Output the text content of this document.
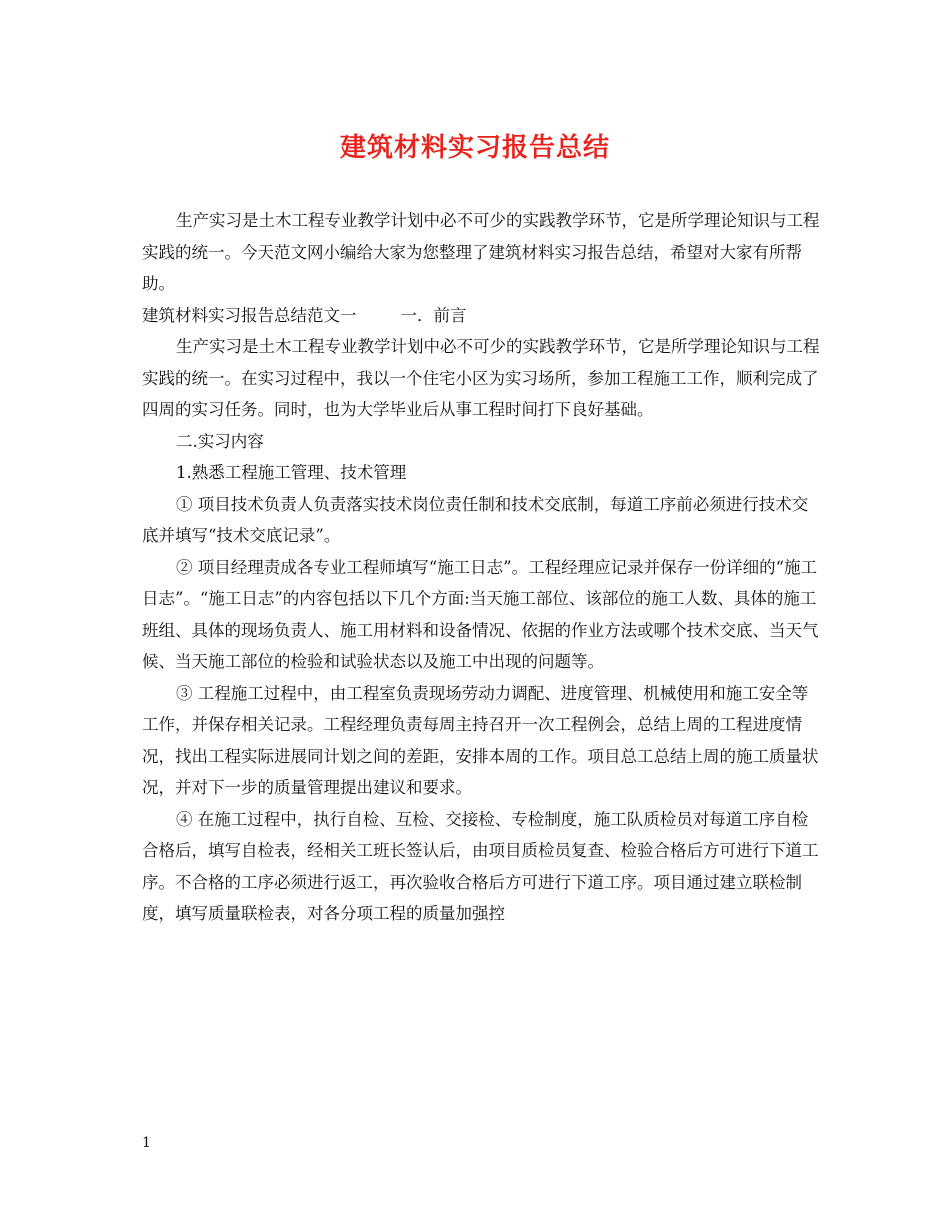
建筑材料实习报告总结

生产实习是土木工程专业教学计划中必不可少的实践教学环节，它是所学理论知识与工程实践的统一。今天范文网小编给大家为您整理了建筑材料实习报告总结，希望对大家有所帮助。

建筑材料实习报告总结范文一	一．前言

生产实习是土木工程专业教学计划中必不可少的实践教学环节，它是所学理论知识与工程实践的统一。在实习过程中，我以一个住宅小区为实习场所，参加工程施工工作，顺利完成了四周的实习任务。同时，也为大学毕业后从事工程时间打下良好基础。

二.实习内容

1.熟悉工程施工管理、技术管理

① 项目技术负责人负责落实技术岗位责任制和技术交底制，每道工序前必须进行技术交底并填写“技术交底记录”。

② 项目经理责成各专业工程师填写“施工日志”。工程经理应记录并保存一份详细的“施工日志”。“施工日志”的内容包括以下几个方面:当天施工部位、该部位的施工人数、具体的施工班组、具体的现场负责人、施工用材料和设备情况、依据的作业方法或哪个技术交底、当天气候、当天施工部位的检验和试验状态以及施工中出现的问题等。

③ 工程施工过程中，由工程室负责现场劳动力调配、进度管理、机械使用和施工安全等工作，并保存相关记录。工程经理负责每周主持召开一次工程例会，总结上周的工程进度情况，找出工程实际进展同计划之间的差距，安排本周的工作。项目总工总结上周的施工质量状况，并对下一步的质量管理提出建议和要求。

④ 在施工过程中，执行自检、互检、交接检、专检制度，施工队质检员对每道工序自检合格后，填写自检表，经相关工班长签认后，由项目质检员复查、检验合格后方可进行下道工序。不合格的工序必须进行返工，再次验收合格后方可进行下道工序。项目通过建立联检制度，填写质量联检表，对各分项工程的质量加强控

1
